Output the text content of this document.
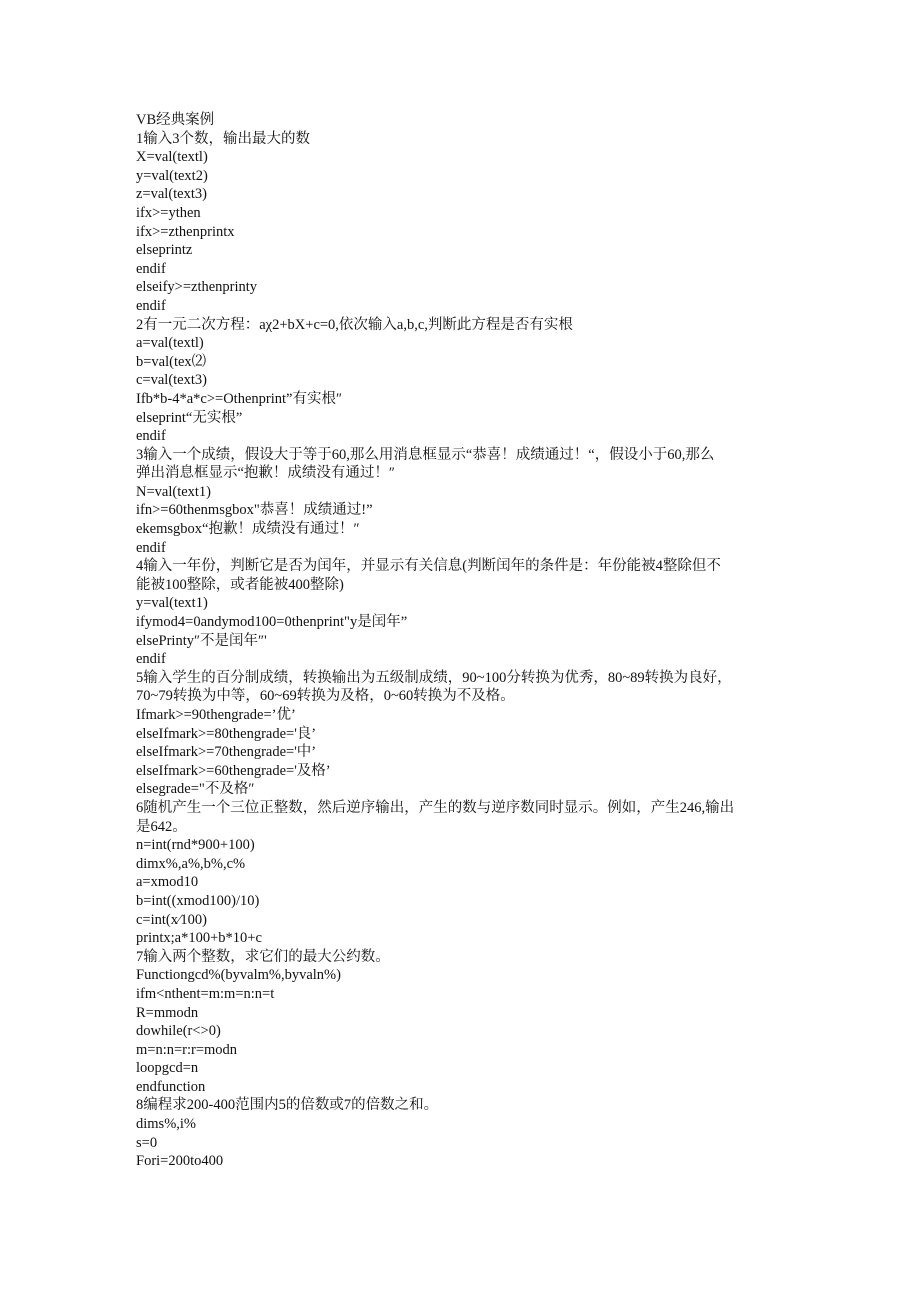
VB经典案例
1输入3个数，输出最大的数
X=val(textl)
y=val(text2)
z=val(text3)
ifx>=ythen
ifx>=zthenprintx
elseprintz
endif
elseify>=zthenprinty
endif
2有一元二次方程：aχ2+bX+c=0,依次输入a,b,c,判断此方程是否有实根
a=val(textl)
b=val(tex⑵
c=val(text3)
Ifb*b-4*a*c>=Othenprint”有实根″
elseprint“无实根”
endif
3输入一个成绩，假设大于等于60,那么用消息框显示“恭喜！成绩通过！“，假设小于60,那么
弹出消息框显示“抱歉！成绩没有通过！″
N=val(text1)
ifn>=60thenmsgbox"恭喜！成绩通过!”
ekemsgbox“抱歉！成绩没有通过！″
endif
4输入一年份，判断它是否为闰年，并显示有关信息(判断闰年的条件是：年份能被4整除但不
能被100整除，或者能被400整除)
y=val(text1)
ifymod4=0andymod100=0thenprint"y是闰年”
elsePrinty″不是闰年″'
endif
5输入学生的百分制成绩，转换输出为五级制成绩，90~100分转换为优秀，80~89转换为良好，
70~79转换为中等，60~69转换为及格，0~60转换为不及格。
Ifmark>=90thengrade=’优’
elseIfmark>=80thengrade='良’
elseIfmark>=70thengrade='中’
elseIfmark>=60thengrade='及格’
elsegrade="不及格″
6随机产生一个三位正整数，然后逆序输出，产生的数与逆序数同时显示。例如，产生246,输出
是642。
n=int(rnd*900+100)
dimx%,a%,b%,c%
a=xmod10
b=int((xmod100)/10)
c=int(x∕100)
printx;a*100+b*10+c
7输入两个整数，求它们的最大公约数。
Functiongcd%(byvalm%,byvaln%)
ifm<nthent=m:m=n:n=t
R=mmodn
dowhile(r<>0)
m=n:n=r:r=modn
loopgcd=n
endfunction
8编程求200-400范围内5的倍数或7的倍数之和。
dims%,i%
s=0
Fori=200to400
